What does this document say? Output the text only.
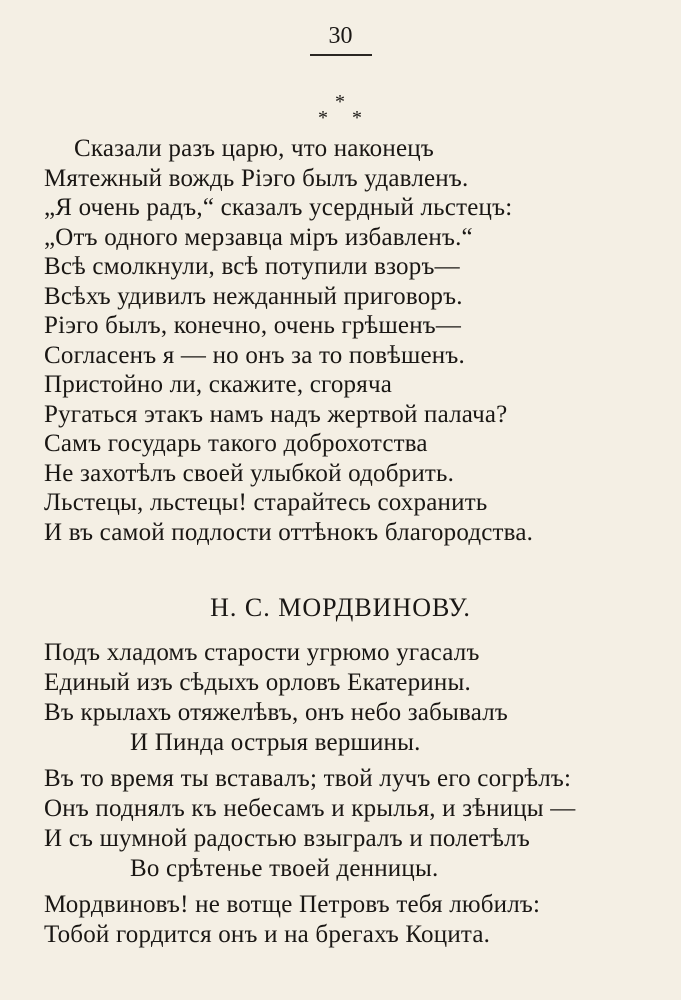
30
*
* *
Сказали разъ царю, что наконецъ
Мятежный вождь Ріэго былъ удавленъ.
„Я очень радъ,“ сказалъ усердный льстецъ:
„Отъ одного мерзавца міръ избавленъ.“
Всѣ смолкнули, всѣ потупили взоръ—
Всѣхъ удивилъ нежданный приговоръ.
Ріэго былъ, конечно, очень грѣшенъ—
Согласенъ я — но онъ за то повѣшенъ.
Пристойно ли, скажите, сгоряча
Ругаться этакъ намъ надъ жертвой палача?
Самъ государь такого доброхотства
Не захотѣлъ своей улыбкой одобрить.
Льстецы, льстецы! старайтесь сохранить
И въ самой подлости оттѣнокъ благородства.
Н. С. МОРДВИНОВУ.
Подъ хладомъ старости угрюмо угасалъ
Единый изъ сѣдыхъ орловъ Екатерины.
Въ крылахъ отяжелѣвъ, онъ небо забывалъ
И Пинда острыя вершины.
Въ то время ты вставалъ; твой лучъ его согрѣлъ:
Онъ поднялъ къ небесамъ и крылья, и зѣницы —
И съ шумной радостью взыгралъ и полетѣлъ
Во срѣтенье твоей денницы.
Мордвиновъ! не вотще Петровъ тебя любилъ:
Тобой гордится онъ и на брегахъ Коцита.
